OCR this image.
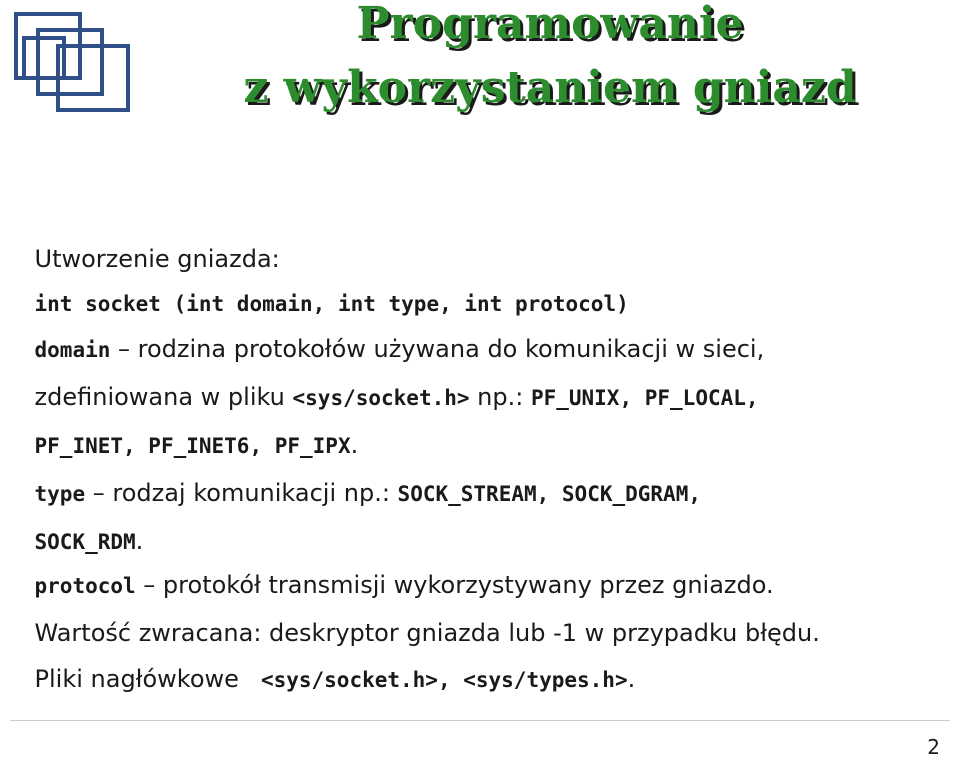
Programowanie
z wykorzystaniem gniazd

Utworzenie gniazda:

int socket (int domain, int type, int protocol)

domain – rodzina protokołów używana do komunikacji w sieci,

zdefiniowana w pliku <sys/socket.h> np.: PF_UNIX, PF_LOCAL,

PF_INET, PF_INET6, PF_IPX.

type – rodzaj komunikacji np.: SOCK_STREAM, SOCK_DGRAM,

SOCK_RDM.

protocol – protokół transmisji wykorzystywany przez gniazdo.

Wartość zwracana: deskryptor gniazda lub -1 w przypadku błędu.

Pliki nagłówkowe <sys/socket.h>, <sys/types.h>.

2
